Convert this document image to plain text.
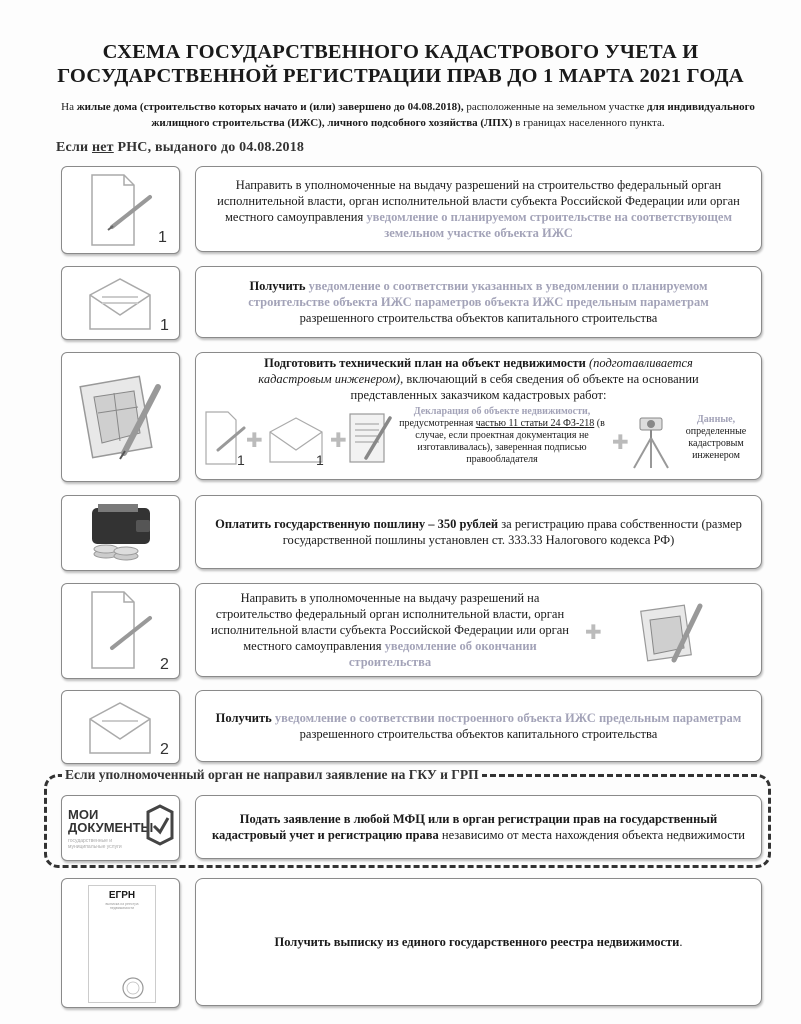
СХЕМА ГОСУДАРСТВЕННОГО КАДАСТРОВОГО УЧЕТА И
ГОСУДАРСТВЕННОЙ РЕГИСТРАЦИИ ПРАВ ДО 1 МАРТА 2021 ГОДА
На жилые дома (строительство которых начато и (или) завершено до 04.08.2018), расположенные на земельном участке для индивидуального жилищного строительства (ИЖС), личного подсобного хозяйства (ЛПХ) в границах населенного пункта.
Если нет РНС, выданого до 04.08.2018
1
Направить в уполномоченные на выдачу разрешений на строительство федеральный орган исполнительной власти, орган исполнительной власти субъекта Российской Федерации или орган местного самоуправления уведомление о планируемом строительстве на соответствующем земельном участке объекта ИЖС
1
Получить уведомление о соответствии указанных в уведомлении о планируемом строительстве объекта ИЖС параметров объекта ИЖС предельным параметрам разрешенного строительства объектов капитального строительства
Подготовить технический план на объект недвижимости (подготавливается кадастровым инженером), включающий в себя сведения об объекте на основании представленных заказчиком кадастровых работ:
1
✚
1
✚
Декларация об объекте недвижимости,
предусмотренная частью 11 статьи 24 ФЗ-218 (в случае, если проектная документация не изготавливалась), заверенная подписью правообладателя
✚
Данные,
определенные кадастровым инженером
Оплатить государственную пошлину – 350 рублей за регистрацию права собственности (размер государственной пошлины установлен ст. 333.33 Налогового кодекса РФ)
2
Направить в уполномоченные на выдачу разрешений на строительство федеральный орган исполнительной власти, орган исполнительной власти субъекта Российской Федерации или орган местного самоуправления уведомление об окончании строительства
✚
2
Получить уведомление о соответствии построенного объекта ИЖС предельным параметрам разрешенного строительства объектов капитального строительства
Если уполномоченный орган не направил заявление на ГКУ и ГРП
МОИ
ДОКУМЕНТЫ
государственные и муниципальные услуги
Подать заявление в любой МФЦ или в орган регистрации прав на государственный кадастровый учет и регистрацию права независимо от места нахождения объекта недвижимости
ЕГРН
выписка из реестра недвижимости
Получить выписку из единого государственного реестра недвижимости.
